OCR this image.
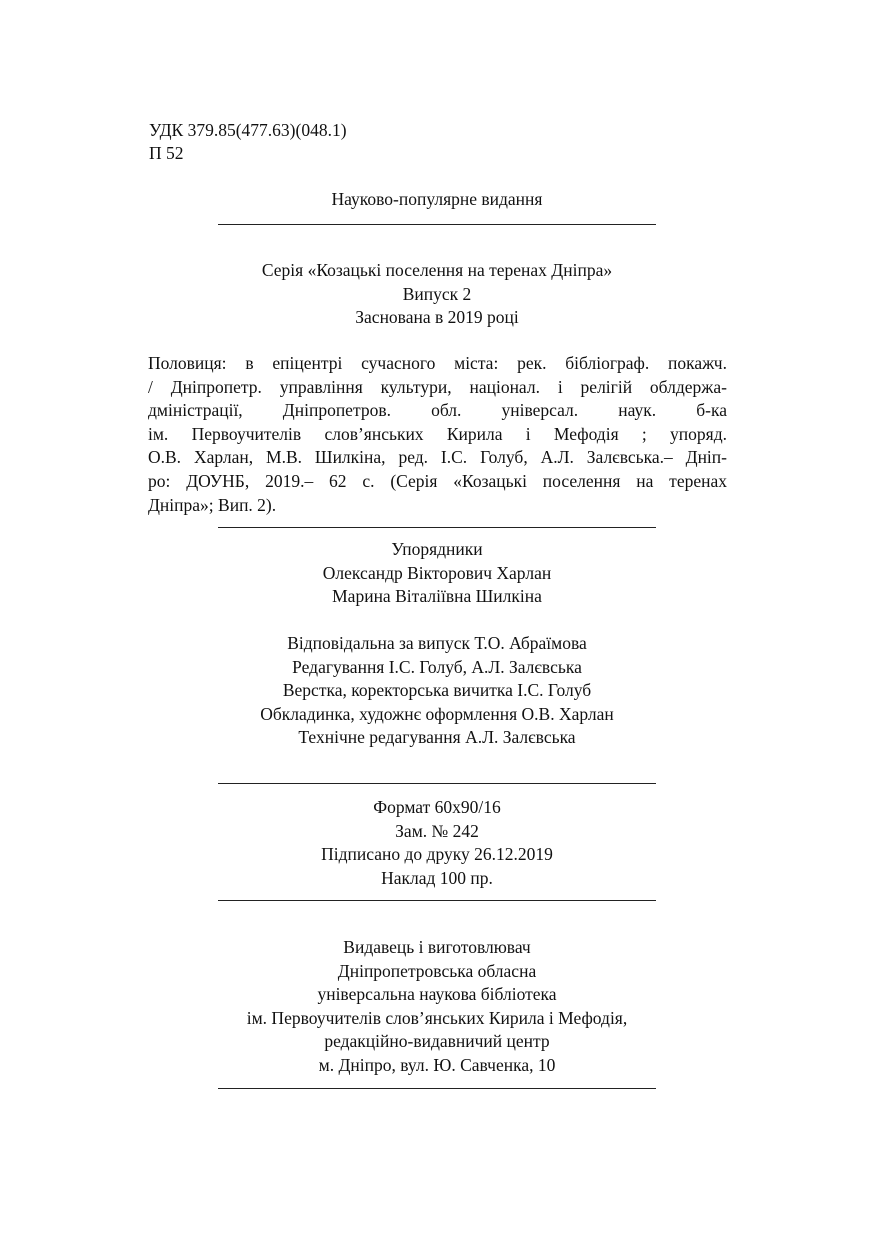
УДК 379.85(477.63)(048.1)
П 52
Науково-популярне видання
Серія «Козацькі поселення на теренах Дніпра»
Випуск 2
Заснована в 2019 році
Половиця: в епіцентрі сучасного міста: рек. бібліограф. покажч.
/ Дніпропетр. управління культури, націонал. і релігій облдержа-
дміністрації, Дніпропетров. обл. універсал. наук. б-ка
ім. Первоучителів слов’янських Кирила і Мефодія ; упоряд.
О.В. Харлан, М.В. Шилкіна, ред. І.С. Голуб, А.Л. Залєвська.– Дніп-
ро: ДОУНБ, 2019.– 62 с. (Серія «Козацькі поселення на теренах
Дніпра»; Вип. 2).
Упорядники
Олександр Вікторович Харлан
Марина Віталіївна Шилкіна
Відповідальна за випуск Т.О. Абраїмова
Редагування І.С. Голуб, А.Л. Залєвська
Верстка, коректорська вичитка І.С. Голуб
Обкладинка, художнє оформлення О.В. Харлан
Технічне редагування А.Л. Залєвська
Формат 60х90/16
Зам. № 242
Підписано до друку 26.12.2019
Наклад 100 пр.
Видавець і виготовлювач
Дніпропетровська обласна
універсальна наукова бібліотека
ім. Первоучителів слов’янських Кирила і Мефодія,
редакційно-видавничий центр
м. Дніпро, вул. Ю. Савченка, 10
